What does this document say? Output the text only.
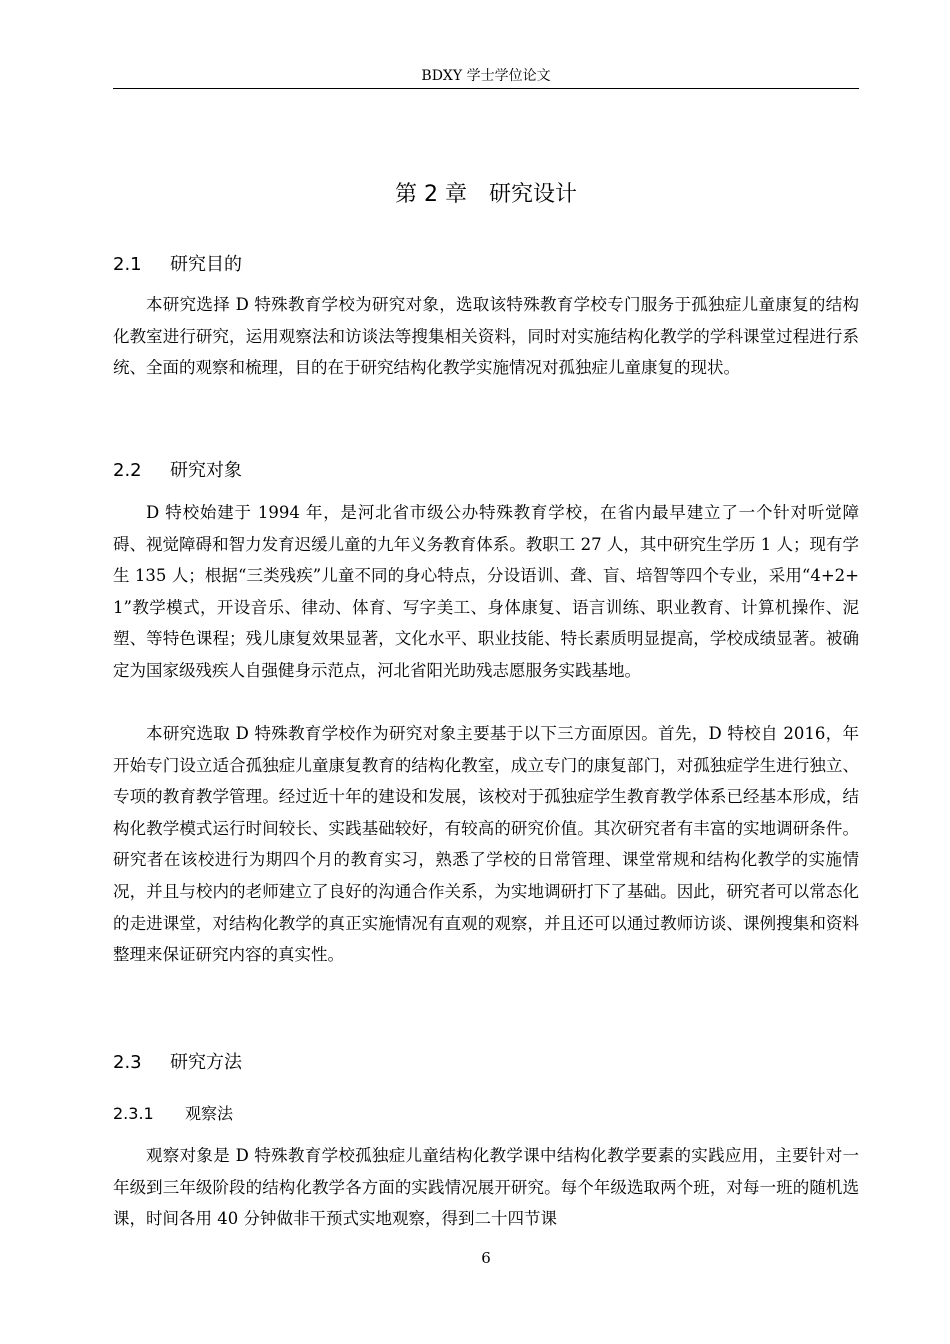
BDXY 学士学位论文
第 2 章 研究设计
2.1 研究目的

本研究选择 D 特殊教育学校为研究对象，选取该特殊教育学校专门服务于孤独症儿童康复的结构化教室进行研究，运用观察法和访谈法等搜集相关资料，同时对实施结构化教学的学科课堂过程进行系统、全面的观察和梳理，目的在于研究结构化教学实施情况对孤独症儿童康复的现状。

2.2 研究对象

D 特校始建于 1994 年，是河北省市级公办特殊教育学校，在省内最早建立了一个针对听觉障碍、视觉障碍和智力发育迟缓儿童的九年义务教育体系。教职工 27 人，其中研究生学历 1 人；现有学生 135 人；根据“三类残疾”儿童不同的身心特点，分设语训、聋、盲、培智等四个专业，采用“4+2+1”教学模式，开设音乐、律动、体育、写字美工、身体康复、语言训练、职业教育、计算机操作、泥塑、等特色课程；残儿康复效果显著，文化水平、职业技能、特长素质明显提高，学校成绩显著。被确定为国家级残疾人自强健身示范点，河北省阳光助残志愿服务实践基地。

本研究选取 D 特殊教育学校作为研究对象主要基于以下三方面原因。首先，D 特校自 2016，年开始专门设立适合孤独症儿童康复教育的结构化教室，成立专门的康复部门，对孤独症学生进行独立、专项的教育教学管理。经过近十年的建设和发展，该校对于孤独症学生教育教学体系已经基本形成，结构化教学模式运行时间较长、实践基础较好，有较高的研究价值。其次研究者有丰富的实地调研条件。研究者在该校进行为期四个月的教育实习，熟悉了学校的日常管理、课堂常规和结构化教学的实施情况，并且与校内的老师建立了良好的沟通合作关系，为实地调研打下了基础。因此，研究者可以常态化的走进课堂，对结构化教学的真正实施情况有直观的观察，并且还可以通过教师访谈、课例搜集和资料整理来保证研究内容的真实性。

2.3 研究方法
2.3.1 观察法

观察对象是 D 特殊教育学校孤独症儿童结构化教学课中结构化教学要素的实践应用，主要针对一年级到三年级阶段的结构化教学各方面的实践情况展开研究。每个年级选取两个班，对每一班的随机选课，时间各用 40 分钟做非干预式实地观察，得到二十四节课

6
